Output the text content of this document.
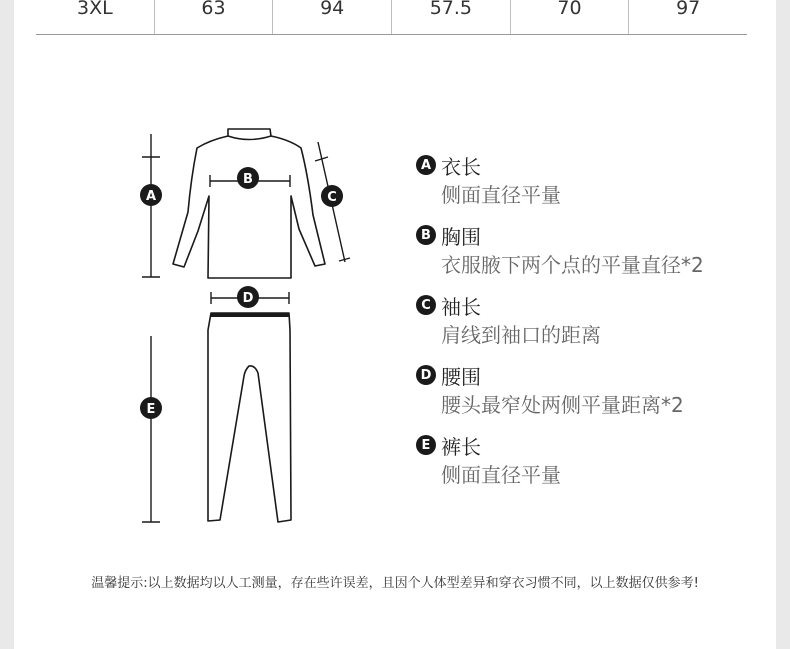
3XL	63	94	57.5	70	97
A
B
C
D
E
A 衣长
侧面直径平量
B 胸围
衣服腋下两个点的平量直径*2
C 袖长
肩线到袖口的距离
D 腰围
腰头最窄处两侧平量距离*2
E 裤长
侧面直径平量
温馨提示:以上数据均以人工测量，存在些许误差，且因个人体型差异和穿衣习惯不同，以上数据仅供参考!
